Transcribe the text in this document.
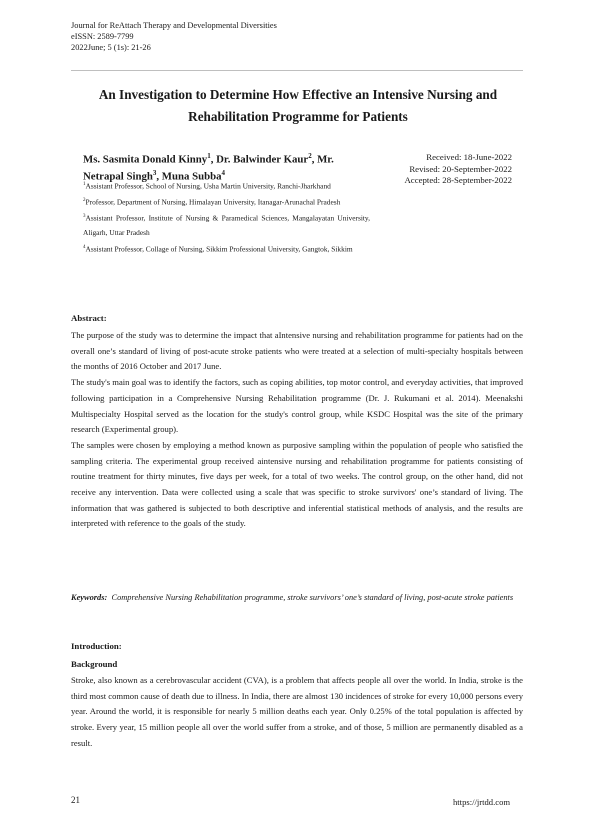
Journal for ReAttach Therapy and Developmental Diversities
eISSN: 2589-7799
2022June; 5 (1s): 21-26
An Investigation to Determine How Effective an Intensive Nursing and Rehabilitation Programme for Patients
Ms. Sasmita Donald Kinny$^1$, Dr. Balwinder Kaur$^2$, Mr. Netrapal Singh$^3$, Muna Subba$^4$
Received: 18-June-2022
Revised: 20-September-2022
Accepted: 28-September-2022
$^1$Assistant Professor, School of Nursing, Usha Martin University, Ranchi-Jharkhand
$^2$Professor, Department of Nursing, Himalayan University, Itanagar-Arunachal Pradesh
$^3$Assistant Professor, Institute of Nursing & Paramedical Sciences, Mangalayatan University, Aligarh, Uttar Pradesh
$^4$Assistant Professor, Collage of Nursing, Sikkim Professional University, Gangtok, Sikkim
Abstract:

The purpose of the study was to determine the impact that aIntensive nursing and rehabilitation programme for patients had on the overall one’s standard of living of post-acute stroke patients who were treated at a selection of multi-specialty hospitals between the months of 2016 October and 2017 June.

The study's main goal was to identify the factors, such as coping abilities, top motor control, and everyday activities, that improved following participation in a Comprehensive Nursing Rehabilitation programme (Dr. J. Rukumani et al. 2014). Meenakshi Multispecialty Hospital served as the location for the study's control group, while KSDC Hospital was the site of the primary research (Experimental group).

The samples were chosen by employing a method known as purposive sampling within the population of people who satisfied the sampling criteria. The experimental group received aintensive nursing and rehabilitation programme for patients consisting of routine treatment for thirty minutes, five days per week, for a total of two weeks. The control group, on the other hand, did not receive any intervention. Data were collected using a scale that was specific to stroke survivors' one’s standard of living. The information that was gathered is subjected to both descriptive and inferential statistical methods of analysis, and the results are interpreted with reference to the goals of the study.

Keywords: Comprehensive Nursing Rehabilitation programme, stroke survivors’ one’s standard of living, post-acute stroke patients
Introduction:
Background

Stroke, also known as a cerebrovascular accident (CVA), is a problem that affects people all over the world. In India, stroke is the third most common cause of death due to illness. In India, there are almost 130 incidences of stroke for every 10,000 persons every year. Around the world, it is responsible for nearly 5 million deaths each year. Only 0.25% of the total population is affected by stroke. Every year, 15 million people all over the world suffer from a stroke, and of those, 5 million are permanently disabled as a result.

21	https://jrtdd.com
